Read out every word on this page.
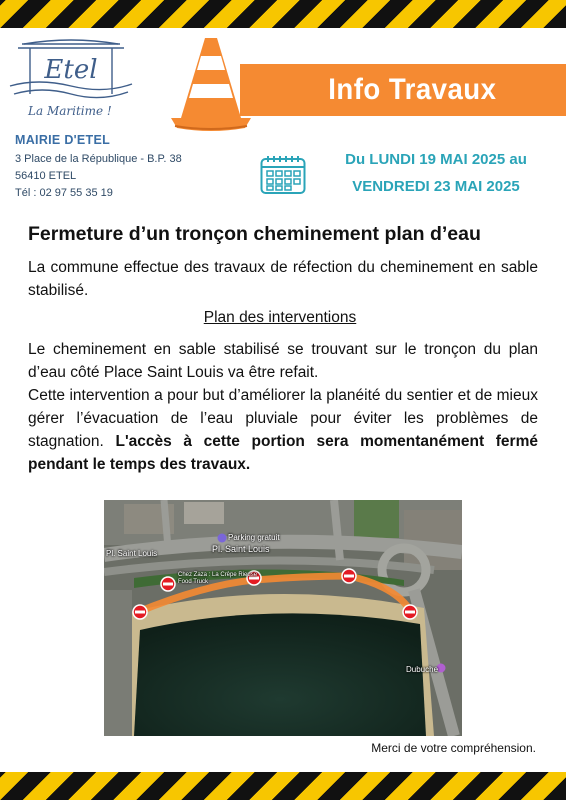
Etel
La Maritime !
MAIRIE D'ETEL
3 Place de la République - B.P. 38
56410 ETEL
Tél : 02 97 55 35 19
Info Travaux
Du LUNDI 19 MAI 2025 au
VENDREDI 23 MAI 2025
Fermeture d’un tronçon cheminement plan d’eau
La commune effectue des travaux de réfection du cheminement en sable stabilisé.
Plan des interventions
Le cheminement en sable stabilisé se trouvant sur le tronçon du plan d’eau côté Place Saint Louis va être refait.
Cette intervention a pour but d’améliorer la planéité du sentier et de mieux gérer l’évacuation de l’eau pluviale pour éviter les problèmes de stagnation. L'accès à cette portion sera momentanément fermé pendant le temps des travaux.
Pl. Saint Louis	Pl. Saint Louis
Parking gratuit
Chez Zaza : La Crêpe Rieuse - Food Truck
Dubuche
Merci de votre compréhension.
